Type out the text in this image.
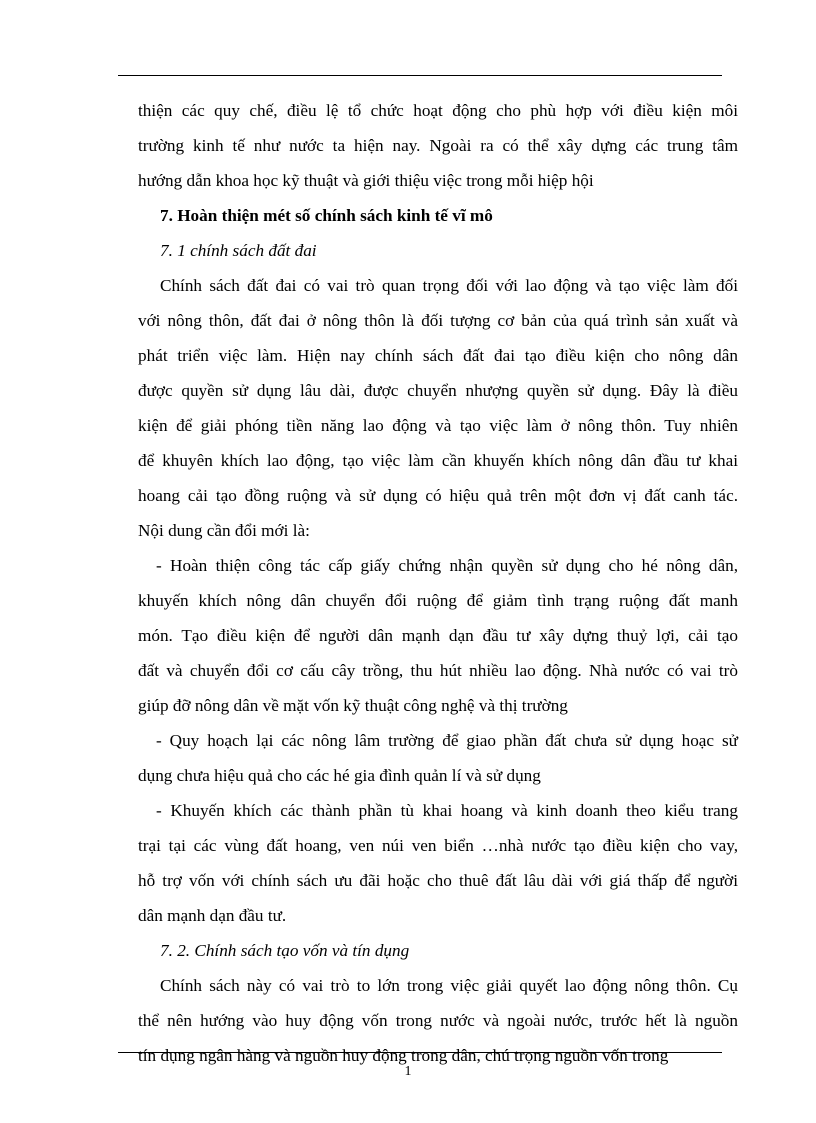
thiện các quy chế, điều lệ tổ chức hoạt động cho phù hợp với điều kiện môi
trường kinh tế như nước ta hiện nay. Ngoài ra có thể xây dựng các trung tâm
hướng dẫn khoa học kỹ thuật và giới thiệu việc trong mỗi hiệp hội
7. Hoàn thiện mét số chính sách kinh tế vĩ mô
7. 1 chính sách đất đai
Chính sách đất đai có vai trò quan trọng đối với lao động và tạo việc làm đối
với nông thôn, đất đai ở nông thôn là đối tượng cơ bản của quá trình sản xuất và
phát triển việc làm. Hiện nay chính sách đất đai tạo điều kiện cho nông dân
được quyền sử dụng lâu dài, được chuyển nhượng quyền sử dụng. Đây là điều
kiện để giải phóng tiền năng lao động và tạo việc làm ở nông thôn. Tuy nhiên
để khuyên khích lao động, tạo việc làm cần khuyến khích nông dân đầu tư khai
hoang cải tạo đồng ruộng và sử dụng có hiệu quả trên một đơn vị đất canh tác.
Nội dung cần đổi mới là:
- Hoàn thiện công tác cấp giấy chứng nhận quyền sử dụng cho hé nông dân,
khuyến khích nông dân chuyển đổi ruộng để giảm tình trạng ruộng đất manh
món. Tạo điều kiện để người dân mạnh dạn đầu tư xây dựng thuỷ lợi, cải tạo
đất và chuyển đổi cơ cấu cây trồng, thu hút nhiều lao động. Nhà nước có vai trò
giúp đỡ nông dân về mặt vốn kỹ thuật công nghệ và thị trường
- Quy hoạch lại các nông lâm trường để giao phần đất chưa sử dụng hoạc sử
dụng chưa hiệu quả cho các hé gia đình quản lí và sử dụng
- Khuyến khích các thành phần tù khai hoang và kinh doanh theo kiểu trang
trại tại các vùng đất hoang, ven núi ven biển …nhà nước tạo điều kiện cho vay,
hỗ trợ vốn với chính sách ưu đãi hoặc cho thuê đất lâu dài với giá thấp để người
dân mạnh dạn đầu tư.
7. 2. Chính sách tạo vốn và tín dụng
Chính sách này có vai trò to lớn trong việc giải quyết lao động nông thôn. Cụ
thể nên hướng vào huy động vốn trong nước và ngoài nước, trước hết là nguồn
tín dụng ngân hàng và nguồn huy động trong dân, chú trọng nguồn vốn trong
1
